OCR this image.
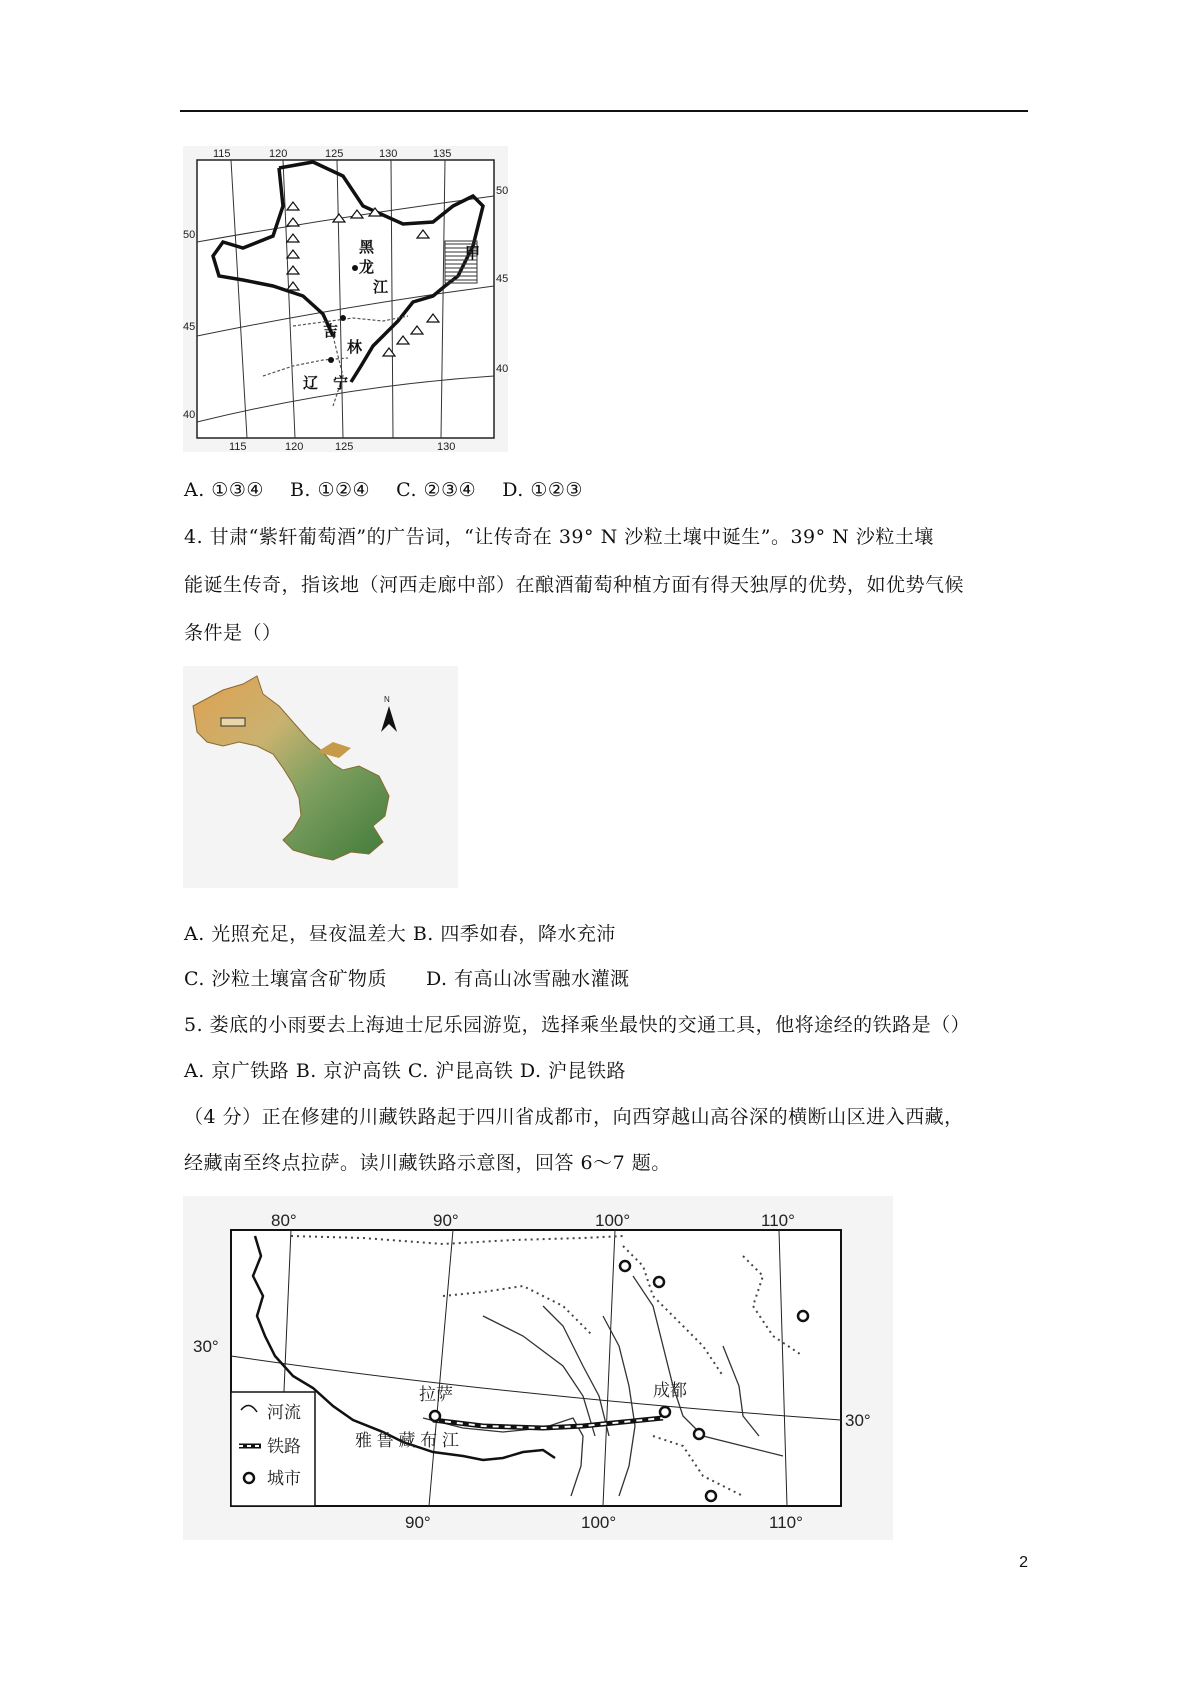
115	120	125	130	135
115	120	125	130
50
45
40
50
45
40
黑
龙
江
吉
林
辽 宁
甲
A. ①③④　 B. ①②④　 C. ②③④　 D. ①②③
4. 甘肃“紫轩葡萄酒”的广告词，“让传奇在 39° N 沙粒土壤中诞生”。39° N 沙粒土壤
能诞生传奇，指该地（河西走廊中部）在酿酒葡萄种植方面有得天独厚的优势，如优势气候
条件是（）
N
A. 光照充足，昼夜温差大 B. 四季如春，降水充沛
C. 沙粒土壤富含矿物质　　D. 有高山冰雪融水灌溉
5. 娄底的小雨要去上海迪士尼乐园游览，选择乘坐最快的交通工具，他将途经的铁路是（）
A. 京广铁路 B. 京沪高铁 C. 沪昆高铁 D. 沪昆铁路
（4 分）正在修建的川藏铁路起于四川省成都市，向西穿越山高谷深的横断山区进入西藏，
经藏南至终点拉萨。读川藏铁路示意图，回答 6～7 题。
河流
铁路
城市
80°	90°	100°	110°
90°	100°	110°
30°
30°
拉萨	成都
雅 鲁 藏 布 江
2
